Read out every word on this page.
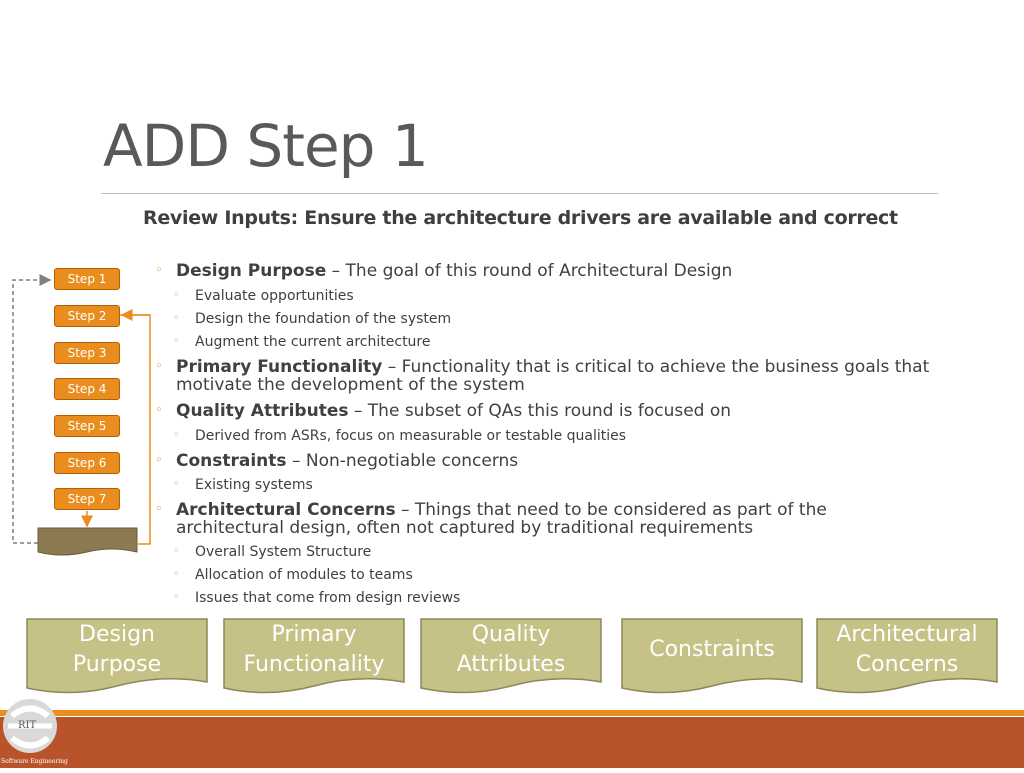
ADD Step 1
Review Inputs: Ensure the architecture drivers are available and correct
Step 1
Step 2
Step 3
Step 4
Step 5
Step 6
Step 7
◦ Design Purpose – The goal of this round of Architectural Design
◦ Evaluate opportunities
◦ Design the foundation of the system
◦ Augment the current architecture
◦ Primary Functionality – Functionality that is critical to achieve the business goals that motivate the development of the system
◦ Quality Attributes – The subset of QAs this round is focused on
◦ Derived from ASRs, focus on measurable or testable qualities
◦ Constraints – Non-negotiable concerns
◦ Existing systems
◦ Architectural Concerns – Things that need to be considered as part of the architectural design, often not captured by traditional requirements
◦ Overall System Structure
◦ Allocation of modules to teams
◦ Issues that come from design reviews
Design
Purpose
Primary
Functionality
Quality
Attributes
Constraints
Architectural
Concerns
RIT
Software Engineering
